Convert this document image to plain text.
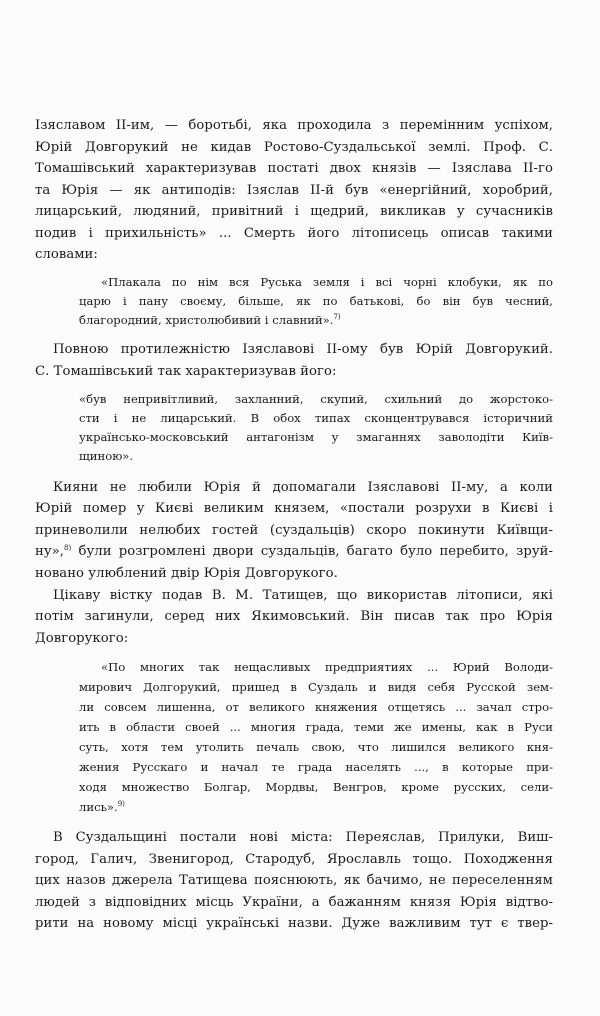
Ізяславом II-им, — боротьбі, яка проходила з перемінним успіхом,
Юрій Довгорукий не кидав Ростово-Суздальської землі. Проф. С.
Томашівський характеризував постаті двох князів — Ізяслава II-го
та Юрія — як антиподів: Ізяслав II-й був «енергійний, хоробрий,
лицарський, людяний, привітний і щедрий, викликав у сучасників
подив і прихильність» ... Смерть його літописець описав такими
словами:
«Плакала по нім вся Руська земля і всі чорні клобуки, як по
царю і пану своєму, більше, як по батькові, бо він був чесний,
благородний, христолюбивий і славний».$^{7)}$
Повною протилежністю Ізяславові II-ому був Юрій Довгорукий.
С. Томашівський так характеризував його:
«був непривітливий, захланний, скупий, схильний до жорстоко-
сти і не лицарський. В обох типах сконцентрувався історичний
українсько-московський антагонізм у змаганнях заволодіти Київ-
щиною».
Кияни не любили Юрія й допомагали Ізяславові II-му, а коли
Юрій помер у Києві великим князем, «постали розрухи в Києві і
приневолили нелюбих гостей (суздальців) скоро покинути Київщи-
ну»,$^{8)}$ були розгромлені двори суздальців, багато було перебито, зруй-
новано улюблений двір Юрія Довгорукого.
Цікаву вістку подав В. М. Татищев, що використав літописи, які
потім загинули, серед них Якимовський. Він писав так про Юрія
Довгорукого:
«По многих так нещасливых предприятиях ... Юрий Володи-
мирович Долгорукий, пришед в Суздаль и видя себя Русской зем-
ли совсем лишенна, от великого княжения отщетясь ... зачал стро-
ить в области своей ... многия града, теми же имены, как в Руси
суть, хотя тем утолить печаль свою, что лишился великого кня-
жения Русскаго и начал те града населять ..., в которые при-
ходя множество Болгар, Мордвы, Венгров, кроме русских, сели-
лись».$^{9)}$
В Суздальщині постали нові міста: Переяслав, Прилуки, Виш-
город, Галич, Звенигород, Стародуб, Ярославль тощо. Походження
цих назов джерела Татищева пояснюють, як бачимо, не переселенням
людей з відповідних місць України, а бажанням князя Юрія відтво-
рити на новому місці українські назви. Дуже важливим тут є твер-
